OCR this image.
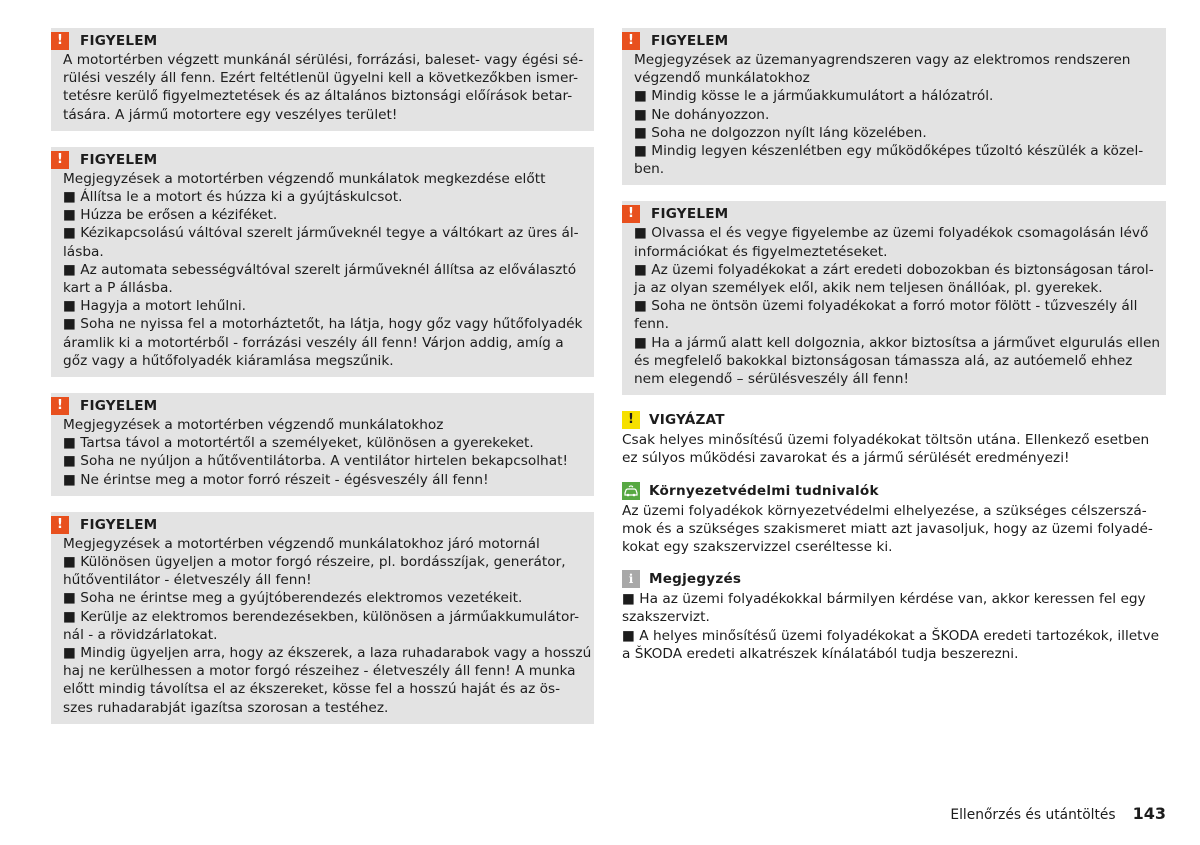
!	FIGYELEM
A motortérben végzett munkánál sérülési, forrázási, baleset- vagy égési sé-
rülési veszély áll fenn. Ezért feltétlenül ügyelni kell a következőkben ismer-
tetésre kerülő figyelmeztetések és az általános biztonsági előírások betar-
tására. A jármű motortere egy veszélyes terület!
!	FIGYELEM
Megjegyzések a motortérben végzendő munkálatok megkezdése előtt
■ Állítsa le a motort és húzza ki a gyújtáskulcsot.
■ Húzza be erősen a kéziféket.
■ Kézikapcsolású váltóval szerelt járműveknél tegye a váltókart az üres ál-
lásba.
■ Az automata sebességváltóval szerelt járműveknél állítsa az előválasztó
kart a P állásba.
■ Hagyja a motort lehűlni.
■ Soha ne nyissa fel a motorháztetőt, ha látja, hogy gőz vagy hűtőfolyadék
áramlik ki a motortérből - forrázási veszély áll fenn! Várjon addig, amíg a
gőz vagy a hűtőfolyadék kiáramlása megszűnik.
!	FIGYELEM
Megjegyzések a motortérben végzendő munkálatokhoz
■ Tartsa távol a motortértől a személyeket, különösen a gyerekeket.
■ Soha ne nyúljon a hűtőventilátorba. A ventilátor hirtelen bekapcsolhat!
■ Ne érintse meg a motor forró részeit - égésveszély áll fenn!
!	FIGYELEM
Megjegyzések a motortérben végzendő munkálatokhoz járó motornál
■ Különösen ügyeljen a motor forgó részeire, pl. bordásszíjak, generátor,
hűtőventilátor - életveszély áll fenn!
■ Soha ne érintse meg a gyújtóberendezés elektromos vezetékeit.
■ Kerülje az elektromos berendezésekben, különösen a járműakkumulátor-
nál - a rövidzárlatokat.
■ Mindig ügyeljen arra, hogy az ékszerek, a laza ruhadarabok vagy a hosszú
haj ne kerülhessen a motor forgó részeihez - életveszély áll fenn! A munka
előtt mindig távolítsa el az ékszereket, kösse fel a hosszú haját és az ös-
szes ruhadarabját igazítsa szorosan a testéhez.
!	FIGYELEM
Megjegyzések az üzemanyagrendszeren vagy az elektromos rendszeren
végzendő munkálatokhoz
■ Mindig kösse le a járműakkumulátort a hálózatról.
■ Ne dohányozzon.
■ Soha ne dolgozzon nyílt láng közelében.
■ Mindig legyen készenlétben egy működőképes tűzoltó készülék a közel-
ben.
!	FIGYELEM
■ Olvassa el és vegye figyelembe az üzemi folyadékok csomagolásán lévő
információkat és figyelmeztetéseket.
■ Az üzemi folyadékokat a zárt eredeti dobozokban és biztonságosan tárol-
ja az olyan személyek elől, akik nem teljesen önállóak, pl. gyerekek.
■ Soha ne öntsön üzemi folyadékokat a forró motor fölött - tűzveszély áll
fenn.
■ Ha a jármű alatt kell dolgoznia, akkor biztosítsa a járművet elgurulás ellen
és megfelelő bakokkal biztonságosan támassza alá, az autóemelő ehhez
nem elegendő – sérülésveszély áll fenn!
!	VIGYÁZAT
Csak helyes minősítésű üzemi folyadékokat töltsön utána. Ellenkező esetben
ez súlyos működési zavarokat és a jármű sérülését eredményezi!
Környezetvédelmi tudnivalók
Az üzemi folyadékok környezetvédelmi elhelyezése, a szükséges célszerszá-
mok és a szükséges szakismeret miatt azt javasoljuk, hogy az üzemi folyadé-
kokat egy szakszervizzel cseréltesse ki.
i	Megjegyzés
■ Ha az üzemi folyadékokkal bármilyen kérdése van, akkor keressen fel egy
szakszervizt.
■ A helyes minősítésű üzemi folyadékokat a ŠKODA eredeti tartozékok, illetve
a ŠKODA eredeti alkatrészek kínálatából tudja beszerezni.
Ellenőrzés és utántöltés 143
